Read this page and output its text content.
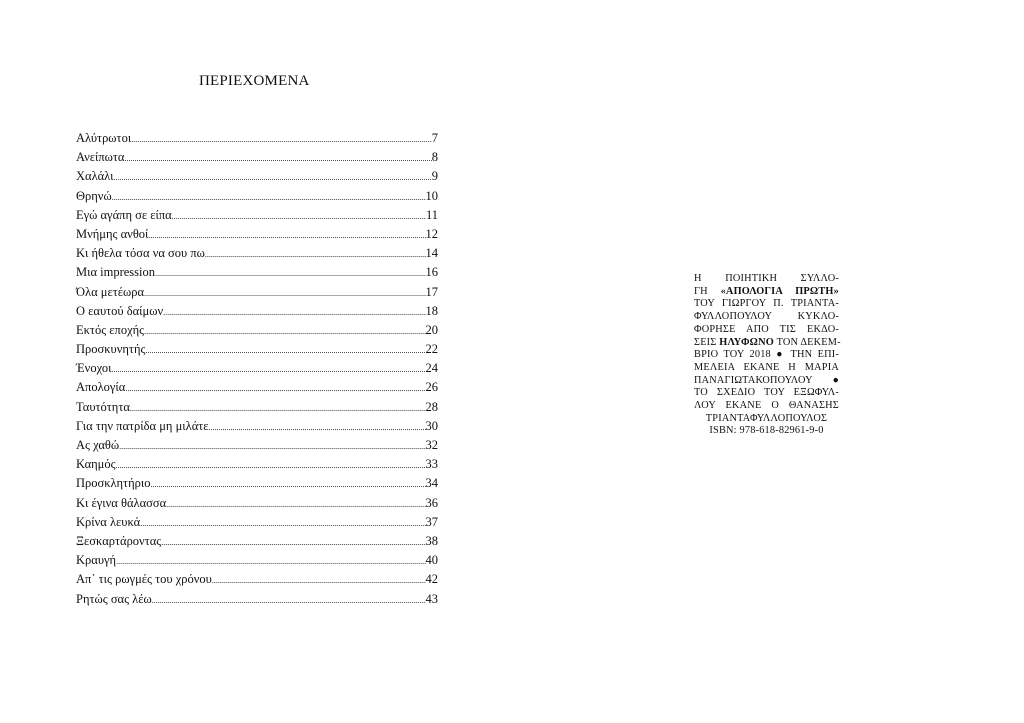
ΠΕΡΙΕΧΟΜΕΝΑ
Αλύτρωτοι .....	7
Ανείπωτα .....	8
Χαλάλι .....	9
Θρηνώ .....	10
Εγώ αγάπη σε είπα .....	11
Μνήμης ανθοί .....	12
Κι ήθελα τόσα να σου πω .....	14
Μια impression .....	16
Όλα μετέωρα .....	17
Ο εαυτού δαίμων .....	18
Εκτός εποχής .....	20
Προσκυνητής .....	22
Ένοχοι .....	24
Απολογία .....	26
Ταυτότητα .....	28
Για την πατρίδα μη μιλάτε .....	30
Ας χαθώ .....	32
Καημός .....	33
Προσκλητήριο .....	34
Κι έγινα θάλασσα .....	36
Κρίνα λευκά .....	37
Ξεσκαρτάροντας .....	38
Κραυγή .....	40
Απ᾽ τις ρωγμές του χρόνου .....	42
Ρητώς σας λέω .....	43
Η ΠΟΙΗΤΙΚΗ ΣΥΛΛΟ-
ΓΗ «ΑΠΟΛΟΓΙΑ ΠΡΩΤΗ»
ΤΟΥ ΓΙΩΡΓΟΥ Π. ΤΡΙΑΝΤΑ-
ΦΥΛΛΟΠΟΥΛΟΥ ΚΥΚΛΟ-
ΦΟΡΗΣΕ ΑΠΟ ΤΙΣ ΕΚΔΟ-
ΣΕΙΣ ΗΛΥΦΩΝΟ ΤΟΝ ΔΕΚΕΜ-
ΒΡΙΟ ΤΟΥ 2018 ● ΤΗΝ ΕΠΙ-
ΜΕΛΕΙΑ ΕΚΑΝΕ Η ΜΑΡΙΑ
ΠΑΝΑΓΙΩΤΑΚΟΠΟΥΛΟΥ ●
ΤΟ ΣΧΕΔΙΟ ΤΟΥ ΕΞΩΦΥΛ-
ΛΟΥ ΕΚΑΝΕ Ο ΘΑΝΑΣΗΣ
ΤΡΙΑΝΤΑΦΥΛΛΟΠΟΥΛΟΣ
ISBN: 978-618-82961-9-0
